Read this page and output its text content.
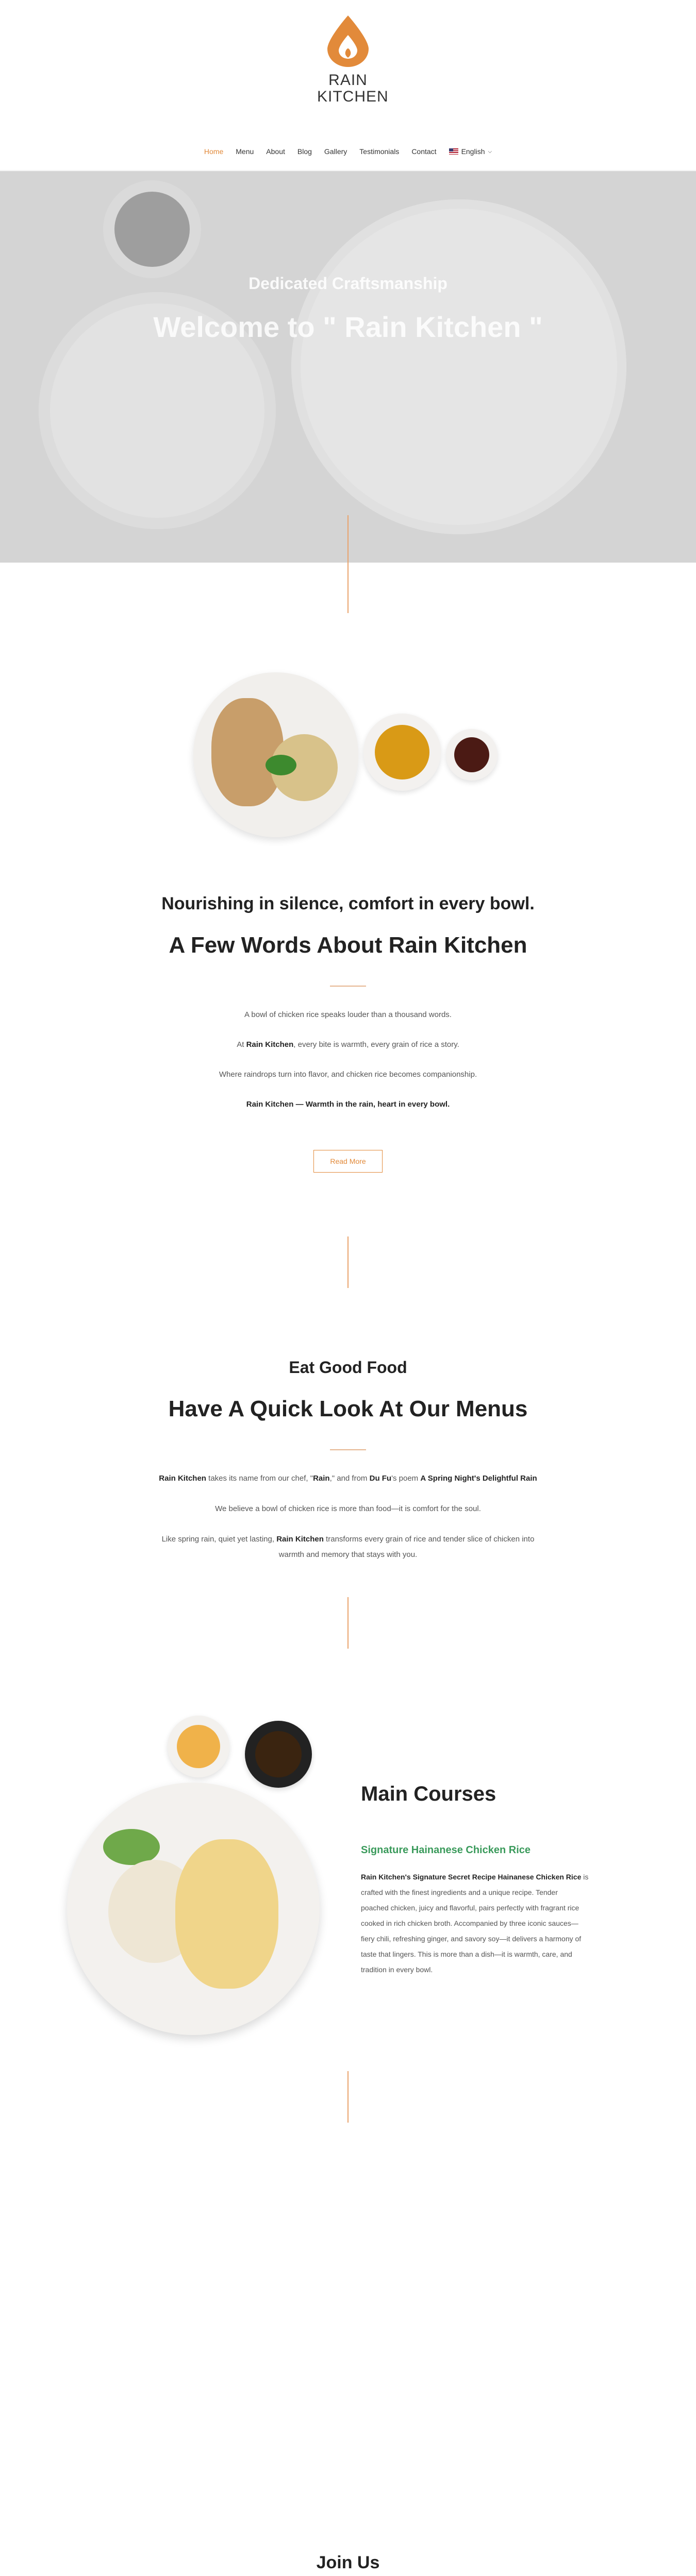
RAIN
KITCHEN
Home	Menu	About	Blog	Gallery	Testimonials	Contact	English ⌵
Dedicated Craftsmanship
Welcome to " Rain Kitchen "
Nourishing in silence, comfort in every bowl.
A Few Words About Rain Kitchen
A bowl of chicken rice speaks louder than a thousand words.
At Rain Kitchen, every bite is warmth, every grain of rice a story.
Where raindrops turn into flavor, and chicken rice becomes companionship.
Rain Kitchen — Warmth in the rain, heart in every bowl.
Read More
Eat Good Food
Have A Quick Look At Our Menus
Rain Kitchen takes its name from our chef, "Rain," and from Du Fu's poem A Spring Night's Delightful Rain
We believe a bowl of chicken rice is more than food—it is comfort for the soul.
Like spring rain, quiet yet lasting, Rain Kitchen transforms every grain of rice and tender slice of chicken into
warmth and memory that stays with you.
Main Courses
Signature Hainanese Chicken Rice
Rain Kitchen's Signature Secret Recipe Hainanese Chicken Rice is
crafted with the finest ingredients and a unique recipe. Tender
poached chicken, juicy and flavorful, pairs perfectly with fragrant rice
cooked in rich chicken broth. Accompanied by three iconic sauces—
fiery chili, refreshing ginger, and savory soy—it delivers a harmony of
taste that lingers. This is more than a dish—it is warmth, care, and
tradition in every bowl.
Join Us
